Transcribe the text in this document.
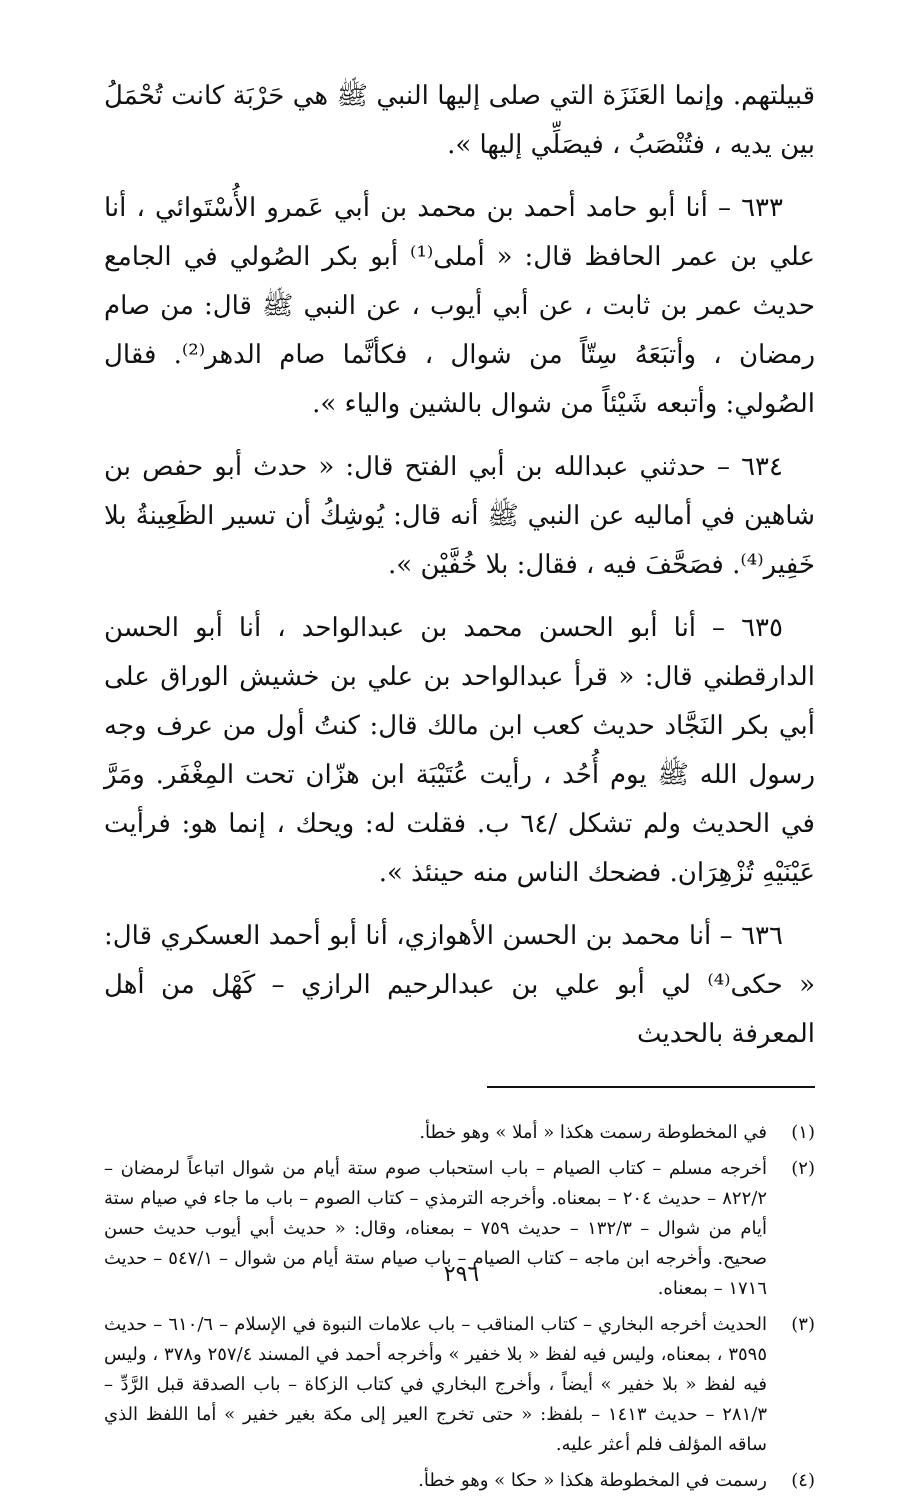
قبيلتهم. وإنما العَنَزَة التي صلى إليها النبي ﷺ هي حَرْبَة كانت تُحْمَلُ بين يديه ، فتُنْصَبُ ، فيصَلِّي إليها ».

٦٣٣ – أنا أبو حامد أحمد بن محمد بن أبي عَمرو الأُسْتَوائي ، أنا علي بن عمر الحافظ قال: « أملى⁽¹⁾ أبو بكر الصُولي في الجامع حديث عمر بن ثابت ، عن أبي أيوب ، عن النبي ﷺ قال: من صام رمضان ، وأتبَعَهُ سِتّاً من شوال ، فكأنَّما صام الدهر⁽²⁾. فقال الصُولي: وأتبعه شَيْئاً من شوال بالشين والياء ».

٦٣٤ – حدثني عبدالله بن أبي الفتح قال: « حدث أبو حفص بن شاهين في أماليه عن النبي ﷺ أنه قال: يُوشِكُ أن تسير الظَعِينةُ بلا خَفِير⁽⁴⁾. فصَحَّفَ فيه ، فقال: بلا خُفَّيْن ».

٦٣٥ – أنا أبو الحسن محمد بن عبدالواحد ، أنا أبو الحسن الدارقطني قال: « قرأ عبدالواحد بن علي بن خشيش الوراق على أبي بكر النَجَّاد حديث كعب ابن مالك قال: كنتُ أول من عرف وجه رسول الله ﷺ يوم أُحُد ، رأيت عُتَيْبَة ابن هزّان تحت المِغْفَر. ومَرَّ في الحديث ولم تشكل /٦٤ ب. فقلت له: ويحك ، إنما هو: فرأيت عَيْنَيْهِ تُزْهِرَان. فضحك الناس منه حينئذ ».

٦٣٦ – أنا محمد بن الحسن الأهوازي، أنا أبو أحمد العسكري قال: « حكى⁽⁴⁾ لي أبو علي بن عبدالرحيم الرازي – كَهْل من أهل المعرفة بالحديث

(١)
في المخطوطة رسمت هكذا « أملا » وهو خطأ.
(٢)
أخرجه مسلم – كتاب الصيام – باب استحباب صوم ستة أيام من شوال اتباعاً لرمضان – ٨٢٢/٢ – حديث ٢٠٤ – بمعناه. وأخرجه الترمذي – كتاب الصوم – باب ما جاء في صيام ستة أيام من شوال – ١٣٢/٣ – حديث ٧٥٩ – بمعناه، وقال: « حديث أبي أيوب حديث حسن صحيح. وأخرجه ابن ماجه – كتاب الصيام – باب صيام ستة أيام من شوال – ٥٤٧/١ – حديث ١٧١٦ – بمعناه.
(٣)
الحديث أخرجه البخاري – كتاب المناقب – باب علامات النبوة في الإسلام – ٦١٠/٦ – حديث ٣٥٩٥ ، بمعناه، وليس فيه لفظ « بلا خفير » وأخرجه أحمد في المسند ٢٥٧/٤ و٣٧٨ ، وليس فيه لفظ « بلا خفير » أيضاً ، وأخرج البخاري في كتاب الزكاة – باب الصدقة قبل الرَّدِّ – ٢٨١/٣ – حديث ١٤١٣ – بلفظ: « حتى تخرج العير إلى مكة بغير خفير » أما اللفظ الذي ساقه المؤلف فلم أعثر عليه.
(٤)
رسمت في المخطوطة هكذا « حكا » وهو خطأ.
٢٩٦
